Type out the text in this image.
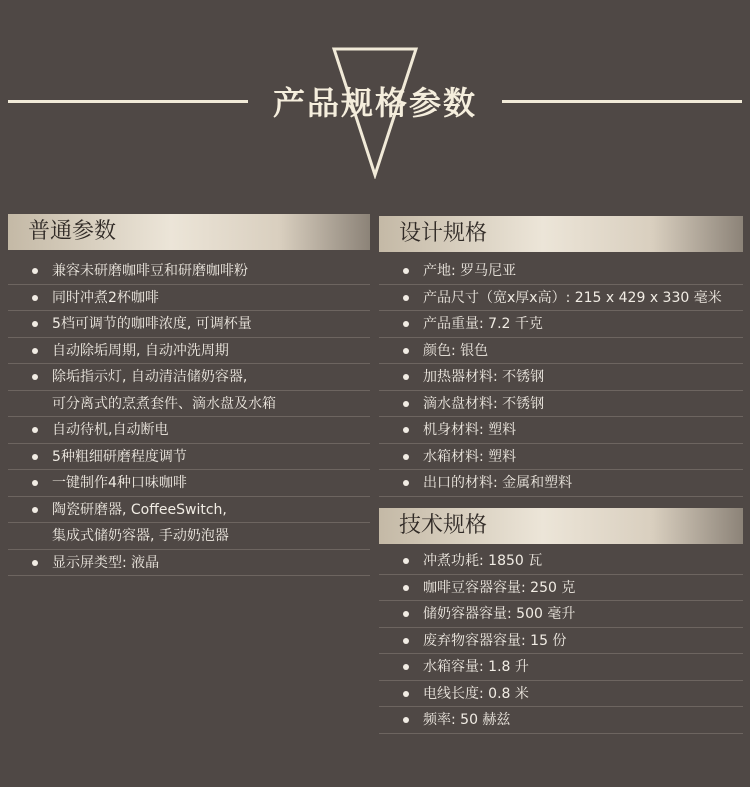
产品规格参数
普通参数
兼容未研磨咖啡豆和研磨咖啡粉
同时冲煮2杯咖啡
5档可调节的咖啡浓度, 可调杯量
自动除垢周期, 自动冲洗周期
除垢指示灯, 自动清洁储奶容器,
可分离式的烹煮套件、滴水盘及水箱
自动待机,自动断电
5种粗细研磨程度调节
一键制作4种口味咖啡
陶瓷研磨器, CoffeeSwitch,
集成式储奶容器, 手动奶泡器
显示屏类型: 液晶
设计规格
产地: 罗马尼亚
产品尺寸（宽x厚x高）: 215 x 429 x 330 毫米
产品重量: 7.2 千克
颜色: 银色
加热器材料: 不锈钢
滴水盘材料: 不锈钢
机身材料: 塑料
水箱材料: 塑料
出口的材料: 金属和塑料
技术规格
冲煮功耗: 1850 瓦
咖啡豆容器容量: 250 克
储奶容器容量: 500 毫升
废弃物容器容量: 15 份
水箱容量: 1.8 升
电线长度: 0.8 米
频率: 50 赫兹
